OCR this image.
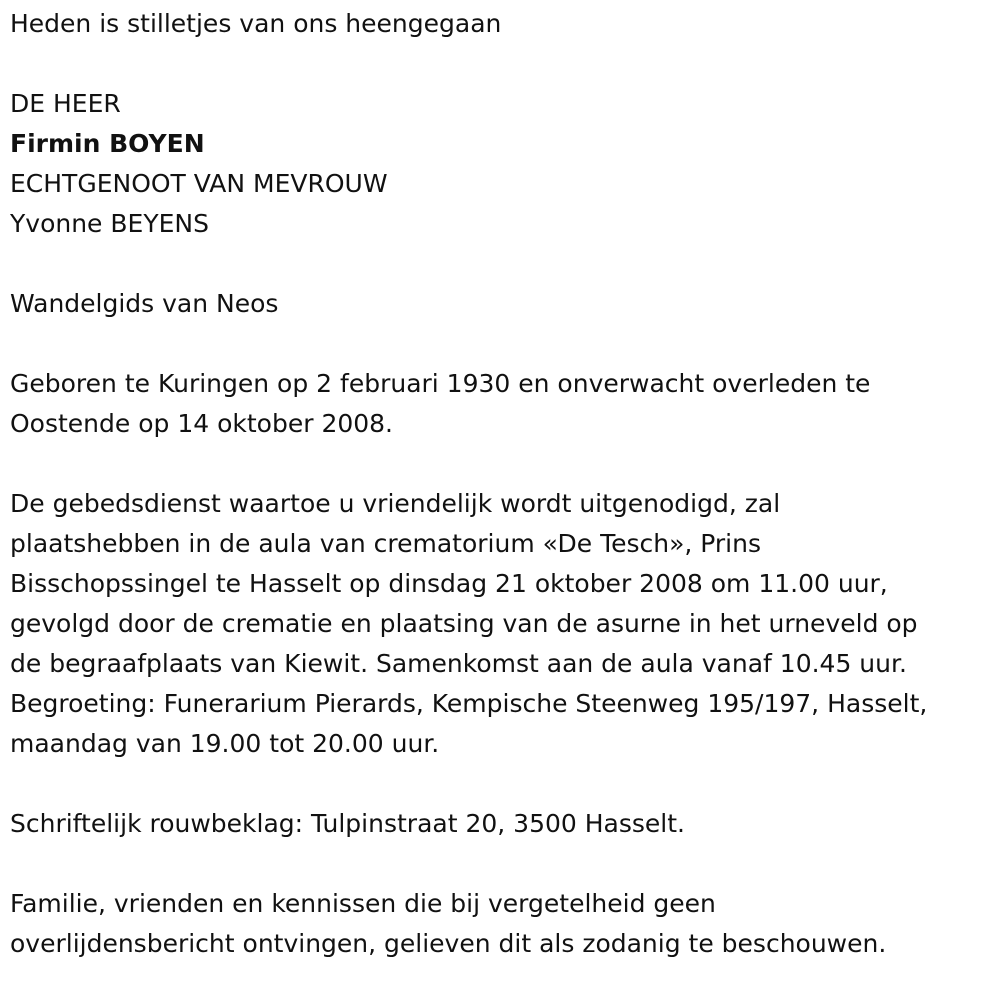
Heden is stilletjes van ons heengegaan

DE HEER

Firmin BOYEN

ECHTGENOOT VAN MEVROUW

Yvonne BEYENS

Wandelgids van Neos

Geboren te Kuringen op 2 februari 1930 en onverwacht overleden te

Oostende op 14 oktober 2008.

De gebedsdienst waartoe u vriendelijk wordt uitgenodigd, zal

plaatshebben in de aula van crematorium «De Tesch», Prins

Bisschopssingel te Hasselt op dinsdag 21 oktober 2008 om 11.00 uur,

gevolgd door de crematie en plaatsing van de asurne in het urneveld op

de begraafplaats van Kiewit. Samenkomst aan de aula vanaf 10.45 uur.

Begroeting: Funerarium Pierards, Kempische Steenweg 195/197, Hasselt,

maandag van 19.00 tot 20.00 uur.

Schriftelijk rouwbeklag: Tulpinstraat 20, 3500 Hasselt.

Familie, vrienden en kennissen die bij vergetelheid geen

overlijdensbericht ontvingen, gelieven dit als zodanig te beschouwen.
